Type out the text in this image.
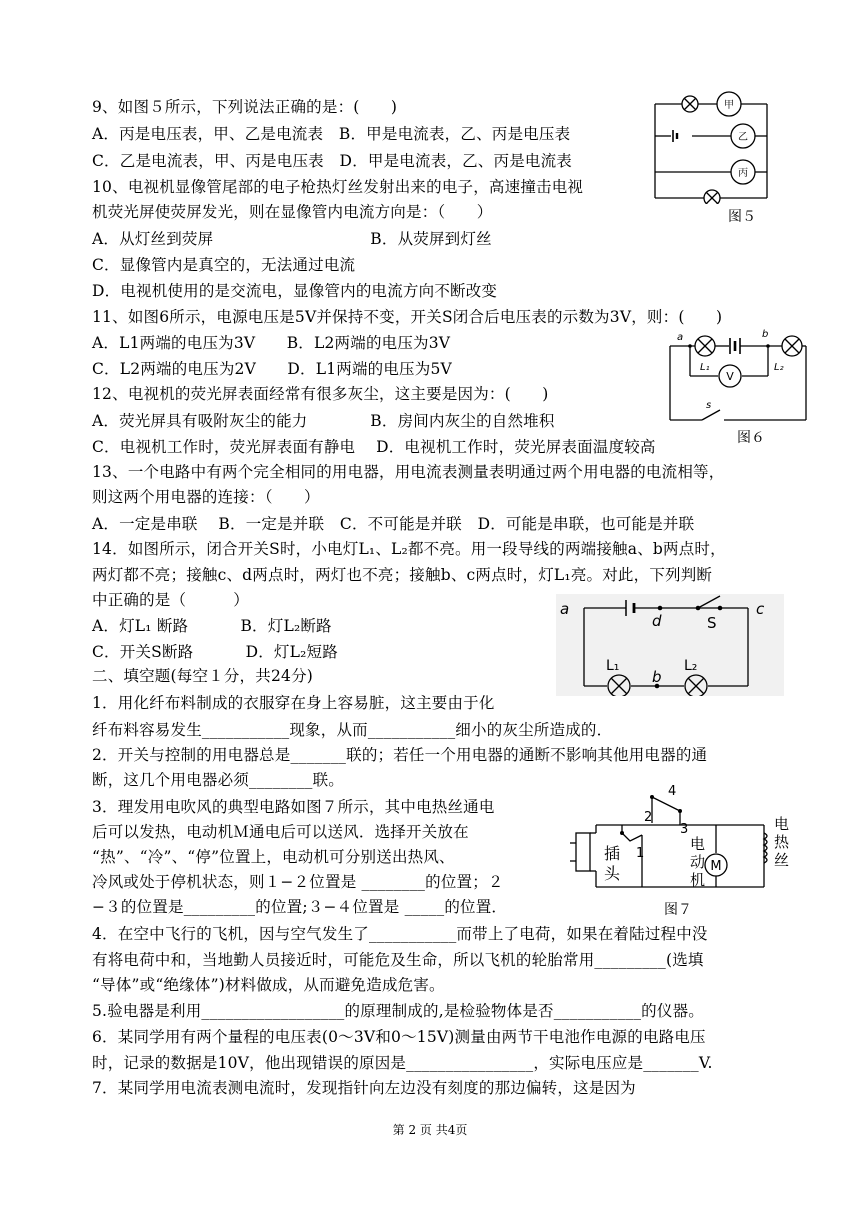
9、如图５所示，下列说法正确的是：(　　)
A．丙是电压表，甲、乙是电流表　B．甲是电流表，乙、丙是电压表
C．乙是电流表，甲、丙是电压表　D．甲是电流表，乙、丙是电流表
10、电视机显像管尾部的电子枪热灯丝发射出来的电子，高速撞击电视
机荧光屏使荧屏发光，则在显像管内电流方向是：（　　）
A．从灯丝到荧屏　　　　　　　　　　B．从荧屏到灯丝
C．显像管内是真空的，无法通过电流
D．电视机使用的是交流电，显像管内的电流方向不断改变
11、如图6所示，电源电压是5V并保持不变，开关S闭合后电压表的示数为3V，则：(　　)
A．L1两端的电压为3V　　B．L2两端的电压为3V
C．L2两端的电压为2V　　D．L1两端的电压为5V
12、电视机的荧光屏表面经常有很多灰尘，这主要是因为：(　　)
A．荧光屏具有吸附灰尘的能力　　　　B．房间内灰尘的自然堆积
C．电视机工作时，荧光屏表面有静电　 D．电视机工作时，荧光屏表面温度较高
13、一个电路中有两个完全相同的用电器，用电流表测量表明通过两个用电器的电流相等，
则这两个用电器的连接：（　　）
A．一定是串联　 B．一定是并联　C．不可能是并联　D．可能是串联，也可能是并联
14．如图所示，闭合开关S时，小电灯L₁、L₂都不亮。用一段导线的两端接触a、b两点时，
两灯都不亮；接触c、d两点时，两灯也不亮；接触b、c两点时，灯L₁亮。对此，下列判断
中正确的是（　　　）
A．灯L₁ 断路　　　 B．灯L₂断路
C．开关S断路　　　 D．灯L₂短路
二、填空题(每空１分，共24分)
1．用化纤布料制成的衣服穿在身上容易脏，这主要由于化
纤布料容易发生___________现象，从而___________细小的灰尘所造成的．
2．开关与控制的用电器总是_______联的；若任一个用电器的通断不影响其他用电器的通
断，这几个用电器必须________联。
3．理发用电吹风的典型电路如图７所示，其中电热丝通电
后可以发热，电动机Ｍ通电后可以送风．选择开关放在
“热”、“冷”、“停”位置上，电动机可分别送出热风、
冷风或处于停机状态，则１−２位置是 ________的位置；２
−３的位置是_________的位置;３−４位置是 _____的位置．
4．在空中飞行的飞机，因与空气发生了___________而带上了电荷，如果在着陆过程中没
有将电荷中和，当地勤人员接近时，可能危及生命，所以飞机的轮胎常用_________(选填
“导体”或“绝缘体”)材料做成，从而避免造成危害。
5.验电器是利用__________________的原理制成的,是检验物体是否___________的仪器。
6．某同学用有两个量程的电压表(0～3V和0～15V)测量由两节干电池作电源的电路电压
时，记录的数据是10V，他出现错误的原因是________________，实际电压应是_______V.
7．某同学用电流表测电流时，发现指针向左边没有刻度的那边偏转，这是因为
甲
乙
丙
图５
a	b
L₁	L₂
V
s
图６
a
d	S
c
L₁
b
L₂
4
2
3
1
插
头
电
动
机
M
电
热
丝
图７
第 2 页 共4页
